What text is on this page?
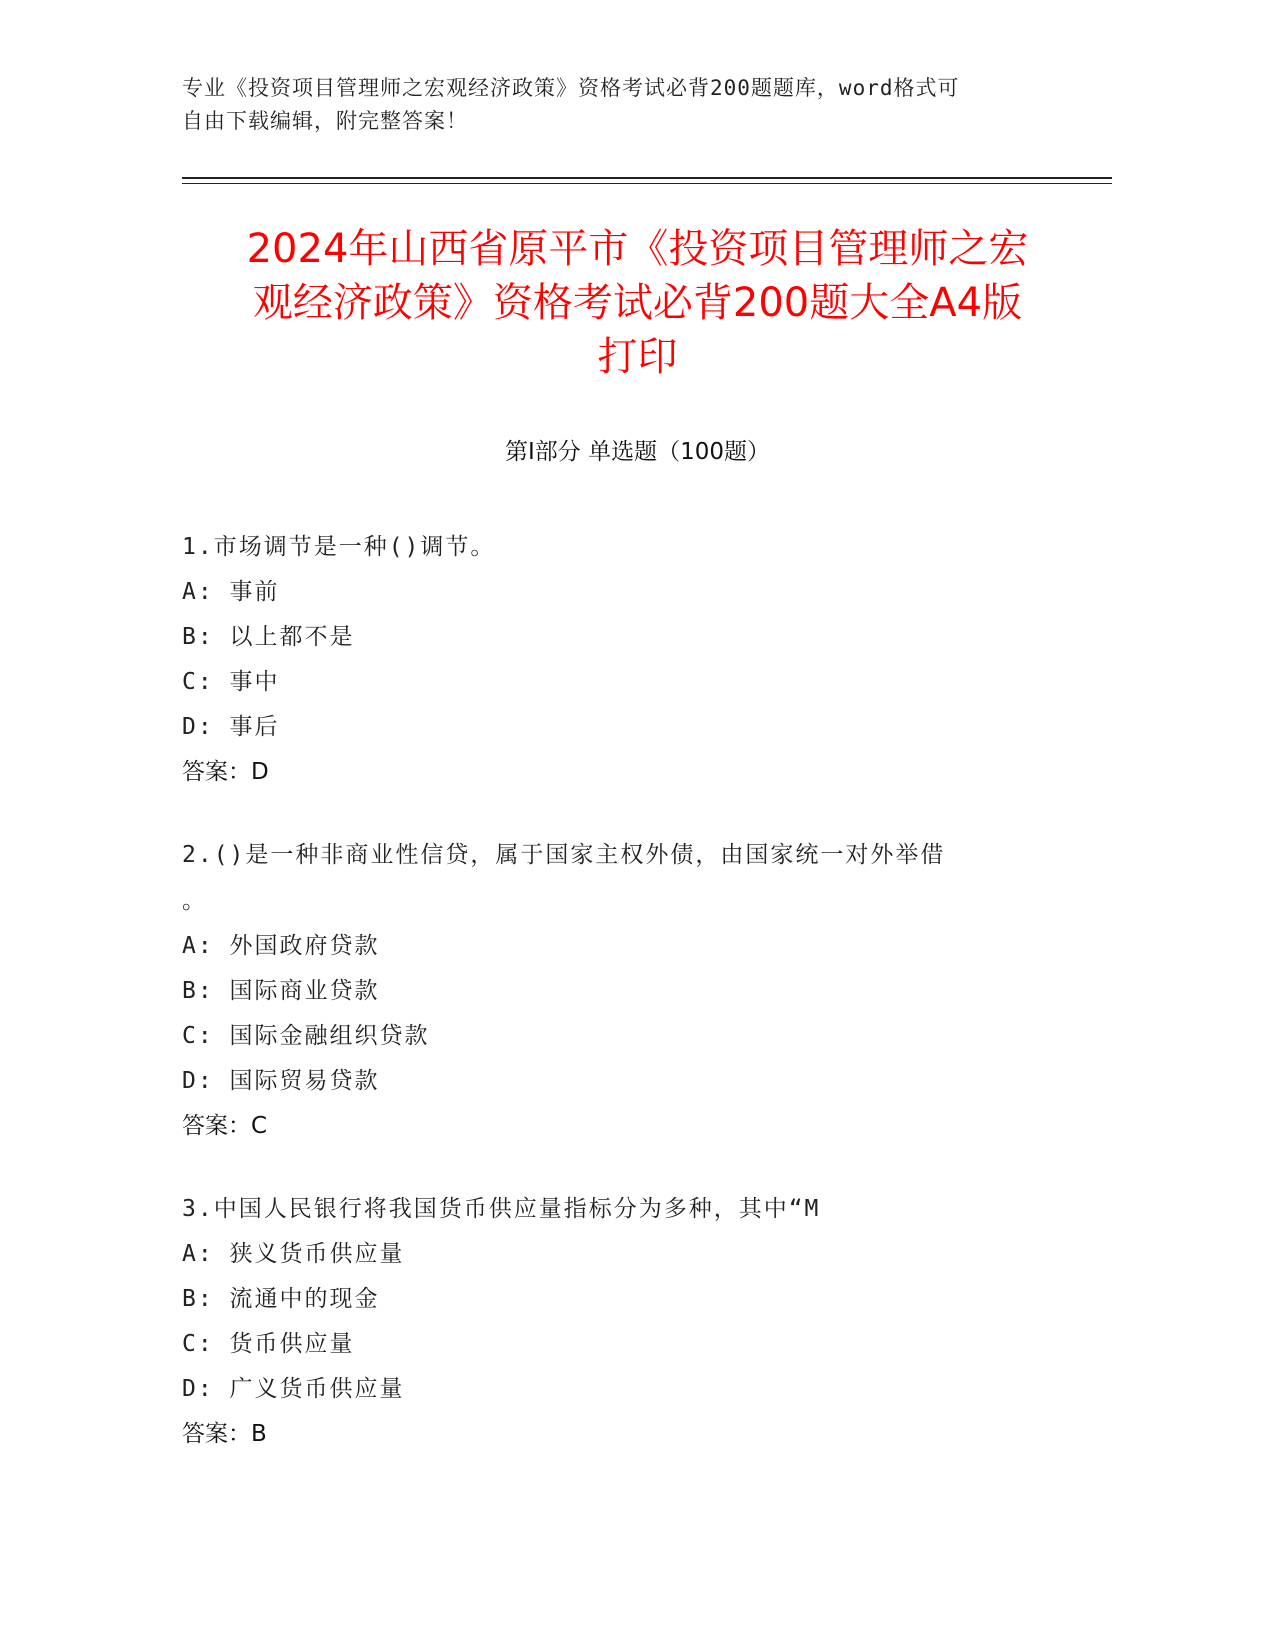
专业《投资项目管理师之宏观经济政策》资格考试必背200题题库，word格式可
自由下载编辑，附完整答案！
2024年山西省原平市《投资项目管理师之宏
观经济政策》资格考试必背200题大全A4版
打印
第Ⅰ部分 单选题（100题）
1.市场调节是一种()调节。
A: 事前
B: 以上都不是
C: 事中
D: 事后
答案：D
2.()是一种非商业性信贷，属于国家主权外债，由国家统一对外举借
。
A: 外国政府贷款
B: 国际商业贷款
C: 国际金融组织贷款
D: 国际贸易贷款
答案：C
3.中国人民银行将我国货币供应量指标分为多种，其中“M
A: 狭义货币供应量
B: 流通中的现金
C: 货币供应量
D: 广义货币供应量
答案：B
